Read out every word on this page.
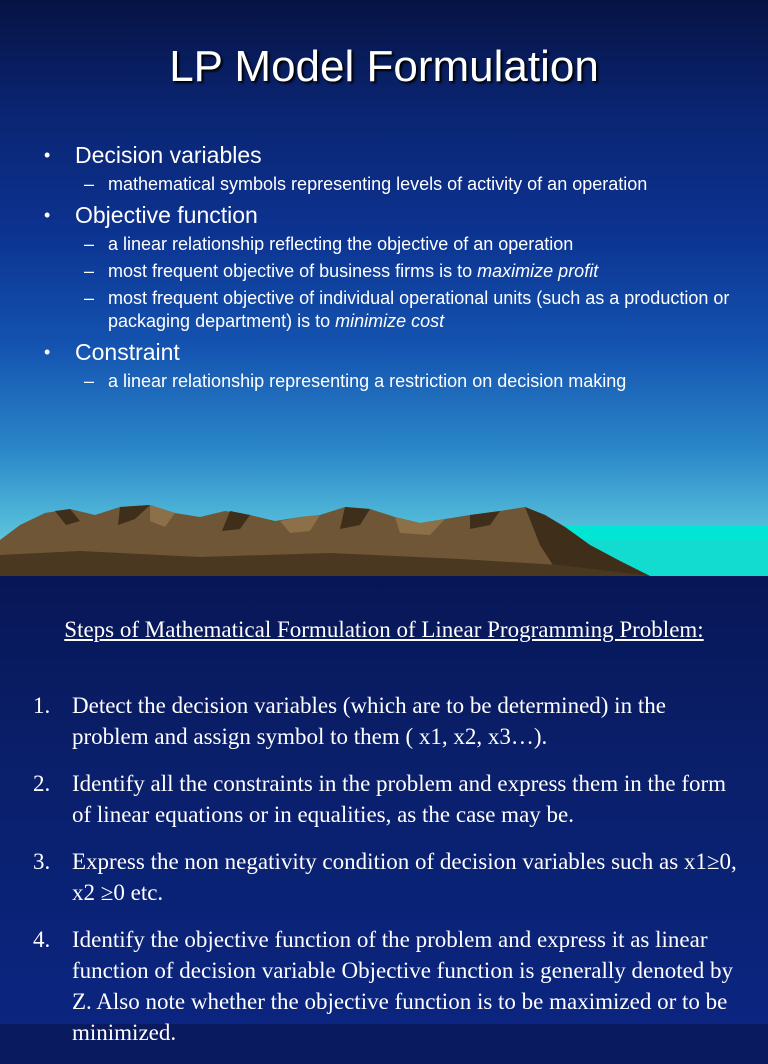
LP Model Formulation
• Decision variables
– mathematical symbols representing levels of activity of an operation
• Objective function
– a linear relationship reflecting the objective of an operation
– most frequent objective of business firms is to maximize profit
– most frequent objective of individual operational units (such as a production or packaging department) is to minimize cost
• Constraint
– a linear relationship representing a restriction on decision making
Steps of Mathematical Formulation of Linear Programming Problem:
1. Detect the decision variables (which are to be determined) in the problem and assign symbol to them ( x1, x2, x3…).
2. Identify all the constraints in the problem and express them in the form of linear equations or in equalities, as the case may be.
3. Express the non negativity condition of decision variables such as x1≥0, x2 ≥0 etc.
4. Identify the objective function of the problem and express it as linear function of decision variable Objective function is generally denoted by Z. Also note whether the objective function is to be maximized or to be minimized.
